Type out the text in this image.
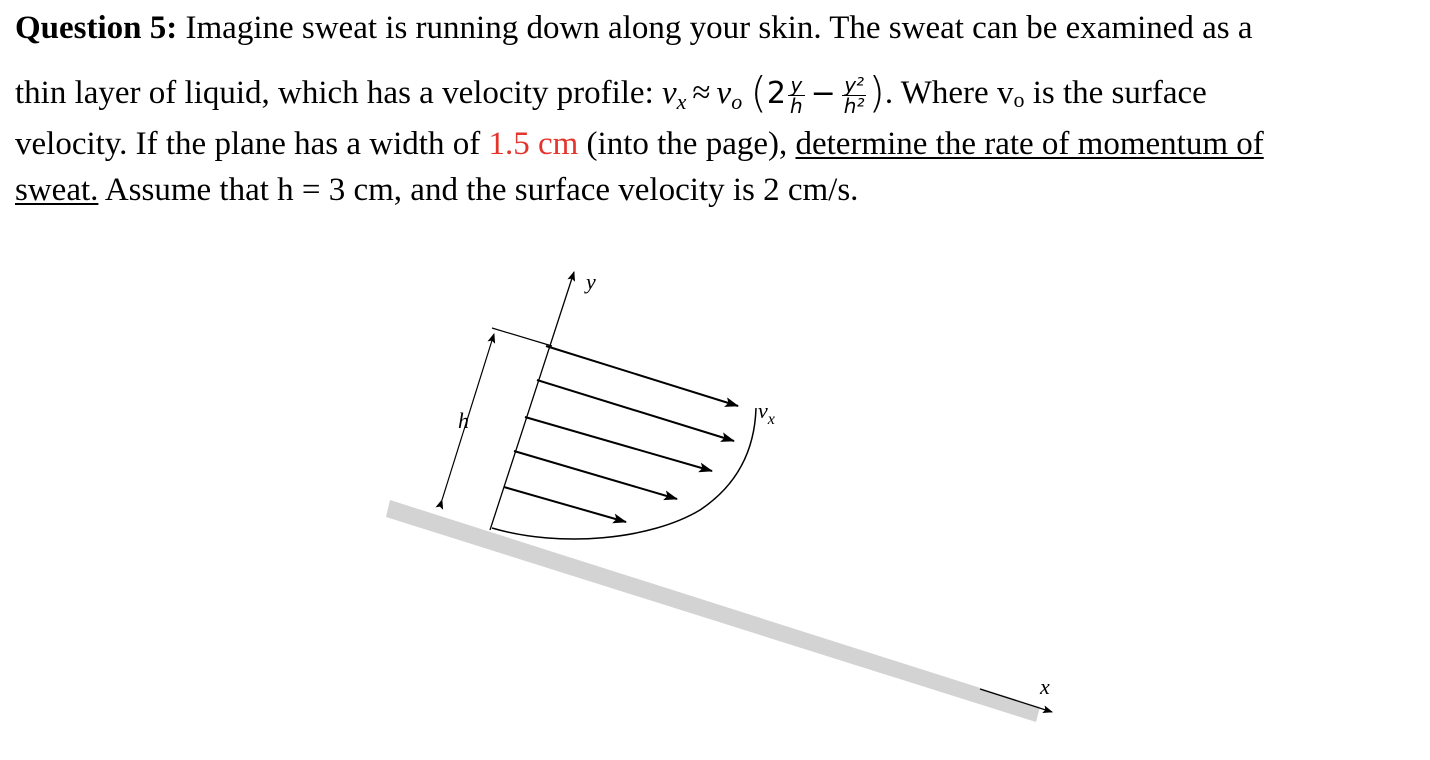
Question 5: Imagine sweat is running down along your skin. The sweat can be examined as a
thin layer of liquid, which has a velocity profile: $v_x \approx v_o$ ($2 \frac{y}{h} - \frac{\text{y²}}{\text{h²}}$ ). Where vo is the surface
velocity. If the plane has a width of 1.5 cm (into the page), determine the rate of momentum of
sweat. Assume that h = 3 cm, and the surface velocity is 2 cm/s.
x
y
h	$v_x$
